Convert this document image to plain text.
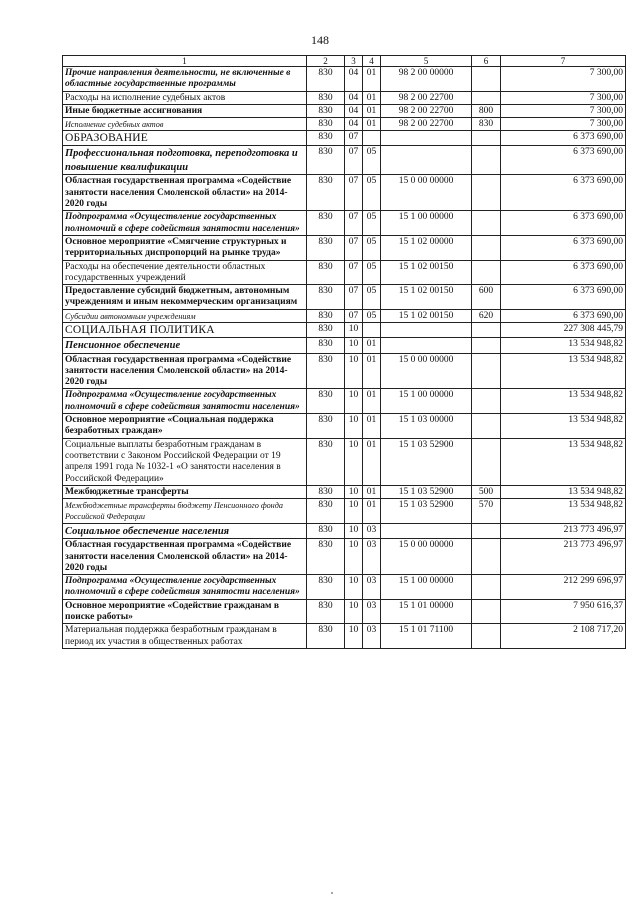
148
1	2	3	4	5	6	7
Прочие направления деятельности, не включенные в областные государственные программы	830	04	01	98 2 00 00000		7 300,00
Расходы на исполнение судебных актов	830	04	01	98 2 00 22700		7 300,00
Иные бюджетные ассигнования	830	04	01	98 2 00 22700	800	7 300,00
Исполнение судебных актов	830	04	01	98 2 00 22700	830	7 300,00
ОБРАЗОВАНИЕ	830	07				6 373 690,00
Профессиональная подготовка, переподготовка и повышение квалификации	830	07	05			6 373 690,00
Областная государственная программа «Содействие занятости населения Смоленской области» на 2014-2020 годы	830	07	05	15 0 00 00000		6 373 690,00
Подпрограмма «Осуществление государственных полномочий в сфере содействия занятости населения»	830	07	05	15 1 00 00000		6 373 690,00
Основное мероприятие «Смягчение структурных и территориальных диспропорций на рынке труда»	830	07	05	15 1 02 00000		6 373 690,00
Расходы на обеспечение деятельности областных государственных учреждений	830	07	05	15 1 02 00150		6 373 690,00
Предоставление субсидий бюджетным, автономным учреждениям и иным некоммерческим организациям	830	07	05	15 1 02 00150	600	6 373 690,00
Субсидии автономным учреждениям	830	07	05	15 1 02 00150	620	6 373 690,00
СОЦИАЛЬНАЯ ПОЛИТИКА	830	10				227 308 445,79
Пенсионное обеспечение	830	10	01			13 534 948,82
Областная государственная программа «Содействие занятости населения Смоленской области» на 2014-2020 годы	830	10	01	15 0 00 00000		13 534 948,82
Подпрограмма «Осуществление государственных полномочий в сфере содействия занятости населения»	830	10	01	15 1 00 00000		13 534 948,82
Основное мероприятие «Социальная поддержка безработных граждан»	830	10	01	15 1 03 00000		13 534 948,82
Социальные выплаты безработным гражданам в соответствии с Законом Российской Федерации от 19 апреля 1991 года № 1032-1 «О занятости населения в Российской Федерации»	830	10	01	15 1 03 52900		13 534 948,82
Межбюджетные трансферты	830	10	01	15 1 03 52900	500	13 534 948,82
Межбюджетные трансферты бюджету Пенсионного фонда Российской Федерации	830	10	01	15 1 03 52900	570	13 534 948,82
Социальное обеспечение населения	830	10	03			213 773 496,97
Областная государственная программа «Содействие занятости населения Смоленской области» на 2014-2020 годы	830	10	03	15 0 00 00000		213 773 496,97
Подпрограмма «Осуществление государственных полномочий в сфере содействия занятости населения»	830	10	03	15 1 00 00000		212 299 696,97
Основное мероприятие «Содействие гражданам в поиске работы»	830	10	03	15 1 01 00000		7 950 616,37
Материальная поддержка безработным гражданам в период их участия в общественных работах	830	10	03	15 1 01 71100		2 108 717,20
